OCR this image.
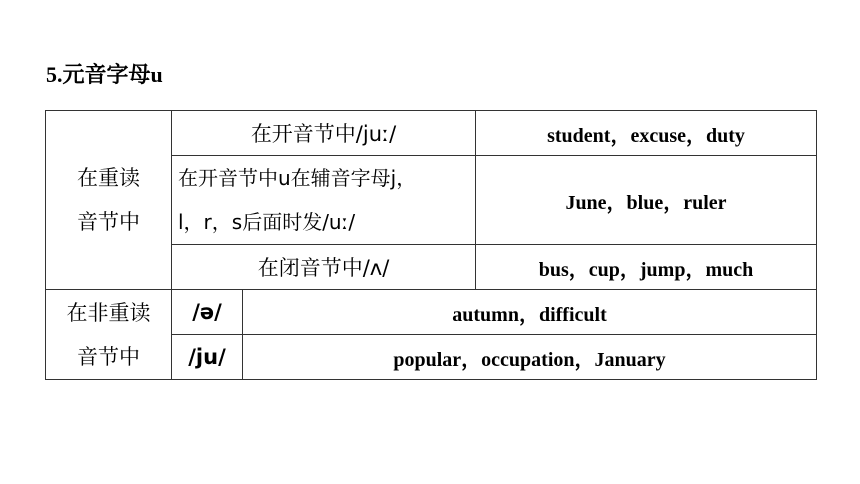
5.元音字母u
在重读
音节中	在开音节中/juː/		student，excuse，duty

	在开音节中u在辅音字母j，
l，r，s后面时发/uː/		June，blue，ruler
	在闭音节中/ʌ/		bus，cup，jump，much

在非重读
音节中	/ə/	autumn，difficult	
	/ju/	popular，occupation，January	
